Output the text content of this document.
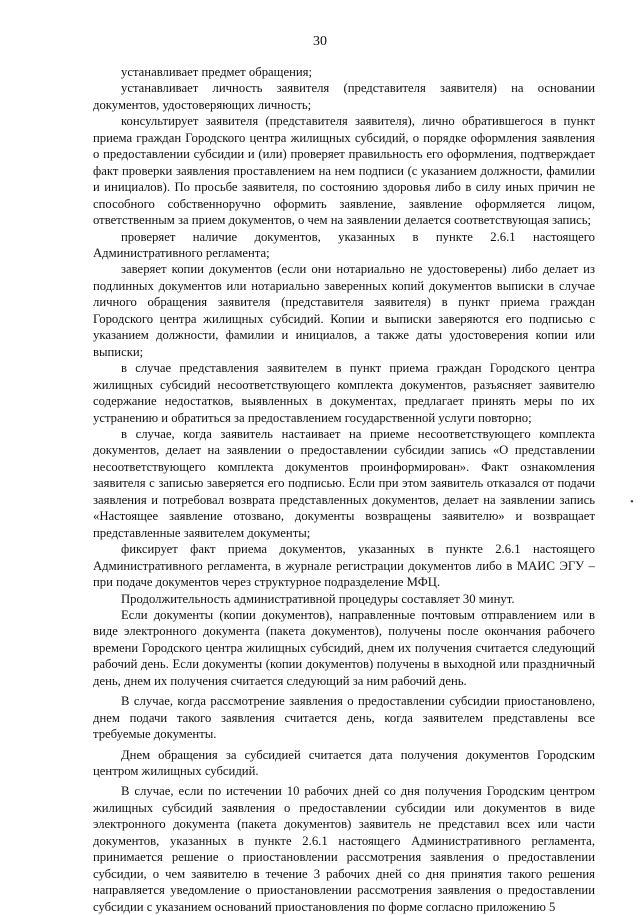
30

устанавливает предмет обращения;

устанавливает личность заявителя (представителя заявителя) на основании документов, удостоверяющих личность;

консультирует заявителя (представителя заявителя), лично обратившегося в пункт приема граждан Городского центра жилищных субсидий, о порядке оформления заявления о предоставлении субсидии и (или) проверяет правильность его оформления, подтверждает факт проверки заявления проставлением на нем подписи (с указанием должности, фамилии и инициалов). По просьбе заявителя, по состоянию здоровья либо в силу иных причин не способного собственноручно оформить заявление, заявление оформляется лицом, ответственным за прием документов, о чем на заявлении делается соответствующая запись;

проверяет наличие документов, указанных в пункте 2.6.1 настоящего Административного регламента;

заверяет копии документов (если они нотариально не удостоверены) либо делает из подлинных документов или нотариально заверенных копий документов выписки в случае личного обращения заявителя (представителя заявителя) в пункт приема граждан Городского центра жилищных субсидий. Копии и выписки заверяются его подписью с указанием должности, фамилии и инициалов, а также даты удостоверения копии или выписки;

в случае представления заявителем в пункт приема граждан Городского центра жилищных субсидий несоответствующего комплекта документов, разъясняет заявителю содержание недостатков, выявленных в документах, предлагает принять меры по их устранению и обратиться за предоставлением государственной услуги повторно;

в случае, когда заявитель настаивает на приеме несоответствующего комплекта документов, делает на заявлении о предоставлении субсидии запись «О представлении несоответствующего комплекта документов проинформирован». Факт ознакомления заявителя с записью заверяется его подписью. Если при этом заявитель отказался от подачи заявления и потребовал возврата представленных документов, делает на заявлении запись «Настоящее заявление отозвано, документы возвращены заявителю» и возвращает представленные заявителем документы;

фиксирует факт приема документов, указанных в пункте 2.6.1 настоящего Административного регламента, в журнале регистрации документов либо в МАИС ЭГУ – при подаче документов через структурное подразделение МФЦ.

Продолжительность административной процедуры составляет 30 минут.

Если документы (копии документов), направленные почтовым отправлением или в виде электронного документа (пакета документов), получены после окончания рабочего времени Городского центра жилищных субсидий, днем их получения считается следующий рабочий день. Если документы (копии документов) получены в выходной или праздничный день, днем их получения считается следующий за ним рабочий день.

В случае, когда рассмотрение заявления о предоставлении субсидии приостановлено, днем подачи такого заявления считается день, когда заявителем представлены все требуемые документы.

Днем обращения за субсидией считается дата получения документов Городским центром жилищных субсидий.

В случае, если по истечении 10 рабочих дней со дня получения Городским центром жилищных субсидий заявления о предоставлении субсидии или документов в виде электронного документа (пакета документов) заявитель не представил всех или части документов, указанных в пункте 2.6.1 настоящего Административного регламента, принимается решение о приостановлении рассмотрения заявления о предоставлении субсидии, о чем заявителю в течение 3 рабочих дней со дня принятия такого решения направляется уведомление о приостановлении рассмотрения заявления о предоставлении субсидии с указанием оснований приостановления по форме согласно приложению 5

•
